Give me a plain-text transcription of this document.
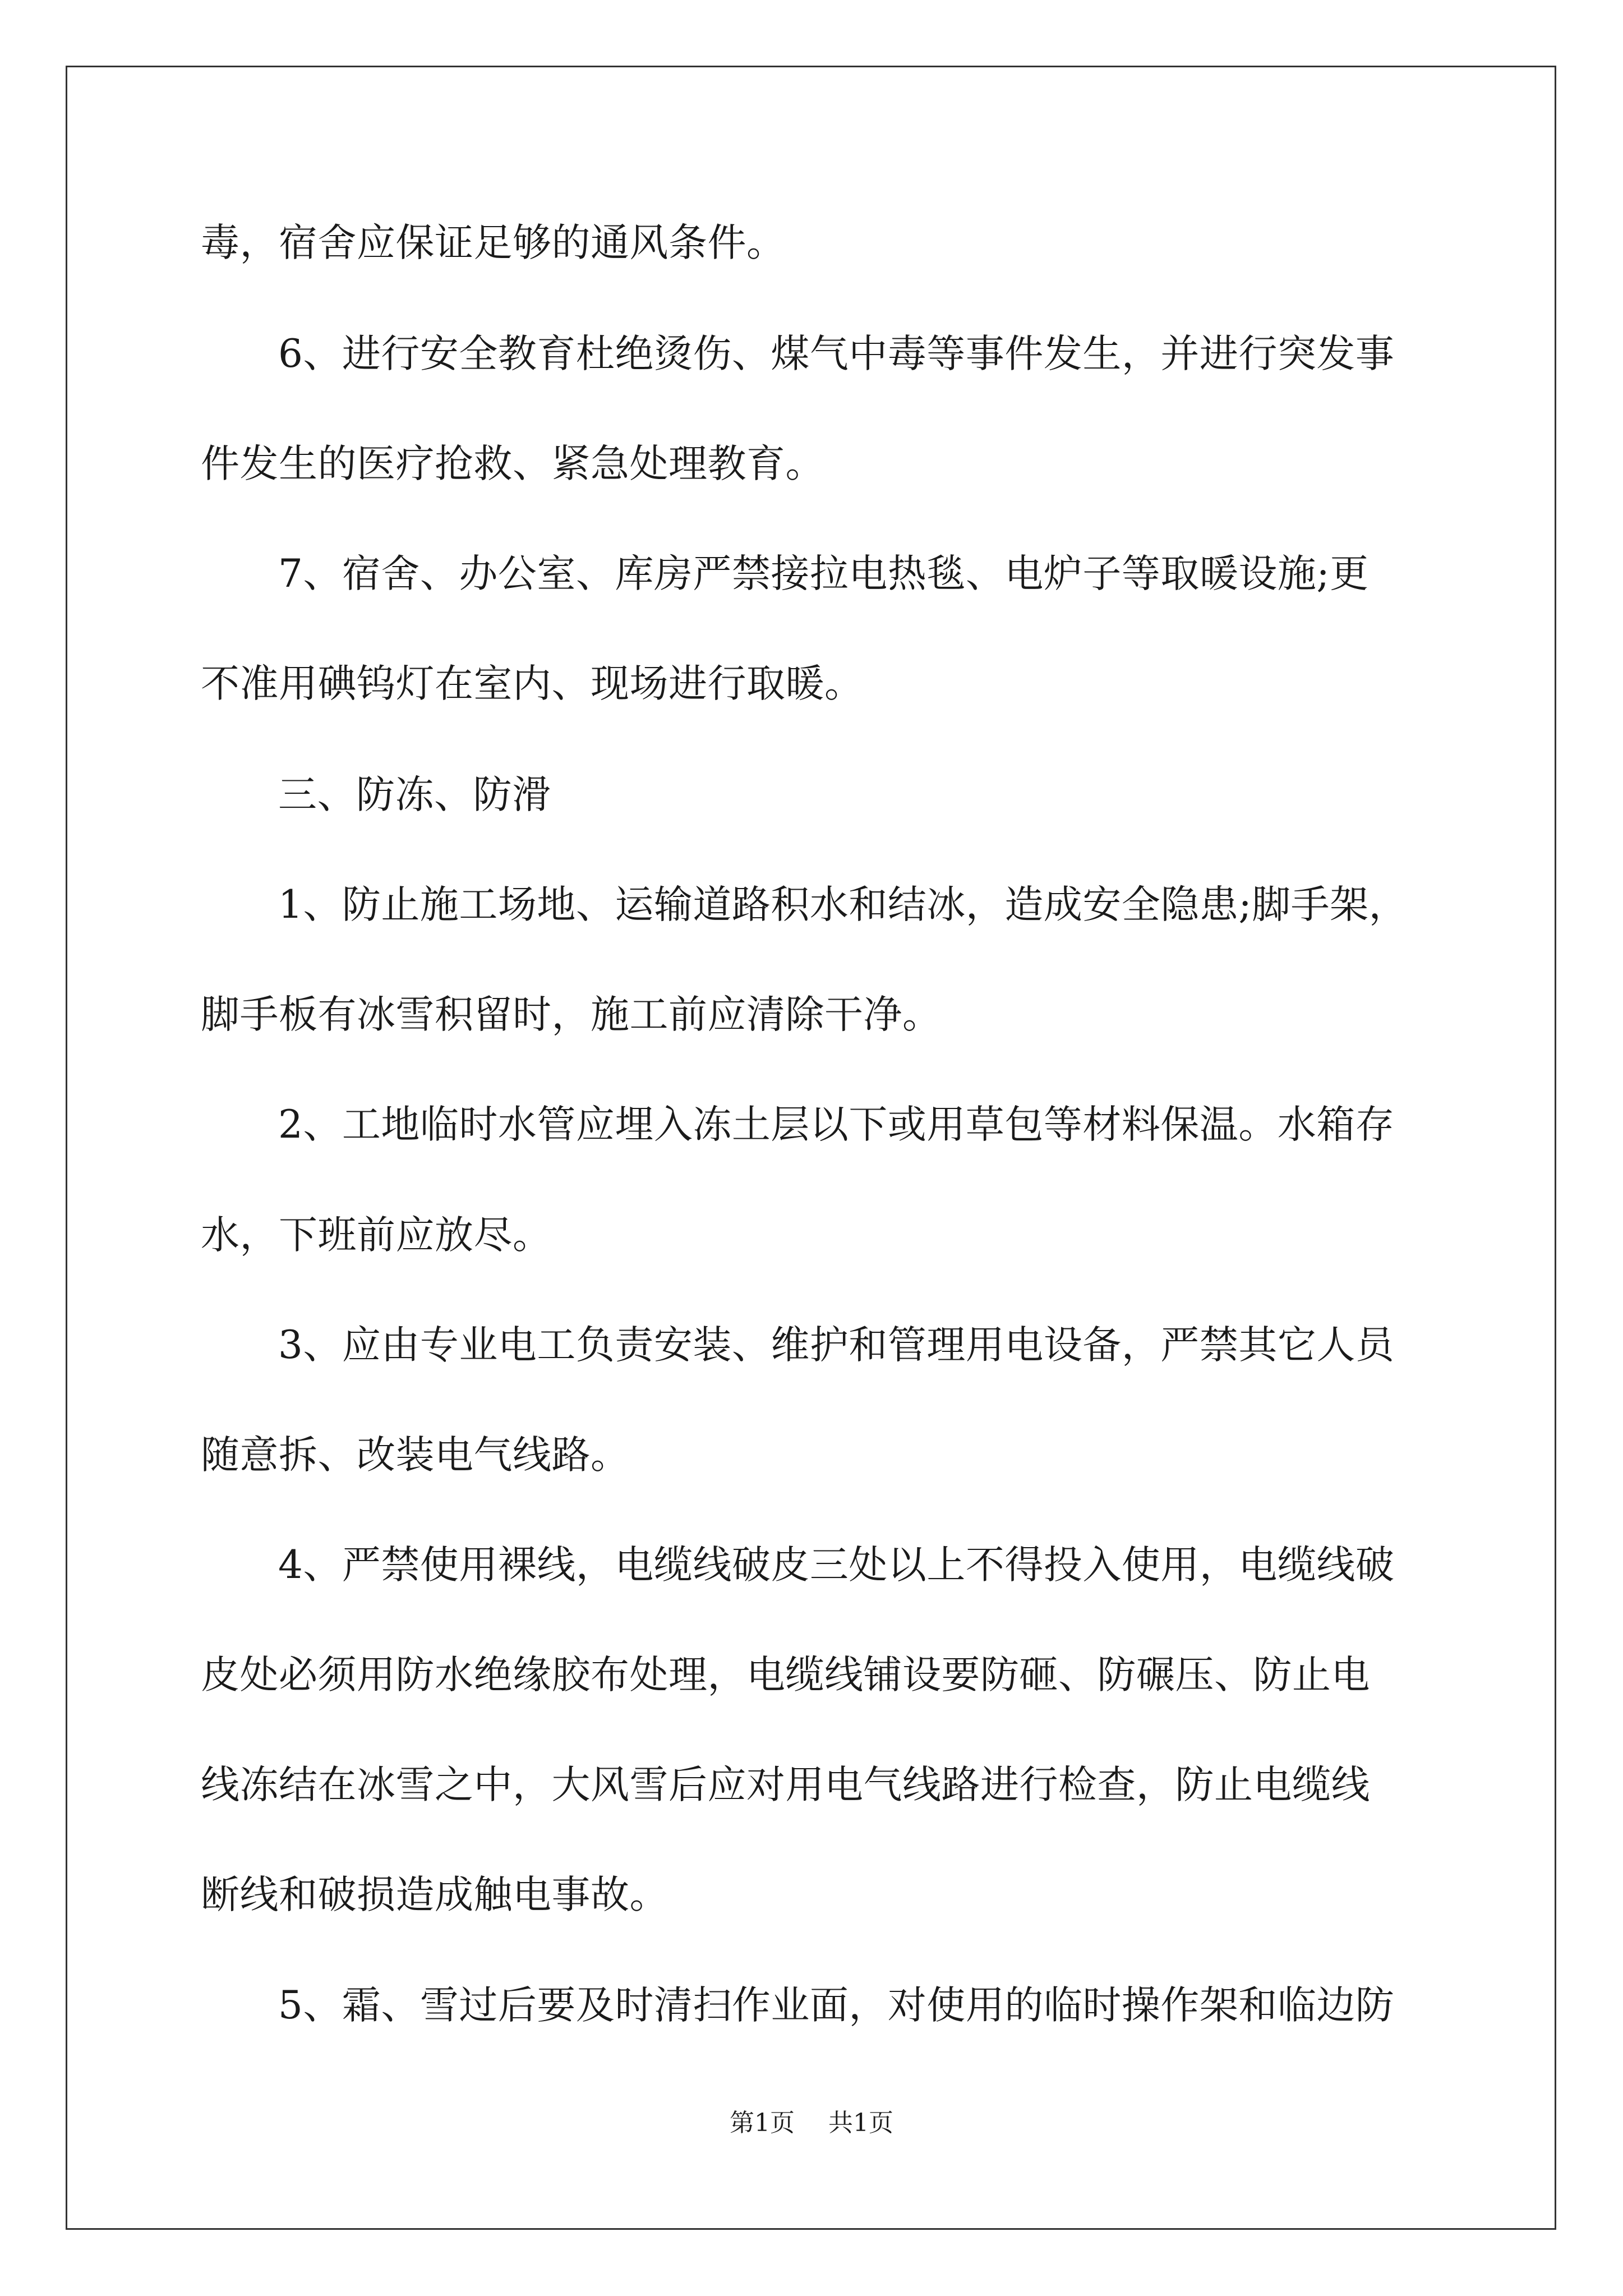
毒，宿舍应保证足够的通风条件。
6、进行安全教育杜绝烫伤、煤气中毒等事件发生，并进行突发事
件发生的医疗抢救、紧急处理教育。
7、宿舍、办公室、库房严禁接拉电热毯、电炉子等取暖设施;更
不准用碘钨灯在室内、现场进行取暖。
三、防冻、防滑
1、防止施工场地、运输道路积水和结冰，造成安全隐患;脚手架，
脚手板有冰雪积留时，施工前应清除干净。
2、工地临时水管应埋入冻土层以下或用草包等材料保温。水箱存
水，下班前应放尽。
3、应由专业电工负责安装、维护和管理用电设备，严禁其它人员
随意拆、改装电气线路。
4、严禁使用裸线，电缆线破皮三处以上不得投入使用，电缆线破
皮处必须用防水绝缘胶布处理，电缆线铺设要防砸、防碾压、防止电
线冻结在冰雪之中，大风雪后应对用电气线路进行检查，防止电缆线
断线和破损造成触电事故。
5、霜、雪过后要及时清扫作业面，对使用的临时操作架和临边防
第1页 共1页
